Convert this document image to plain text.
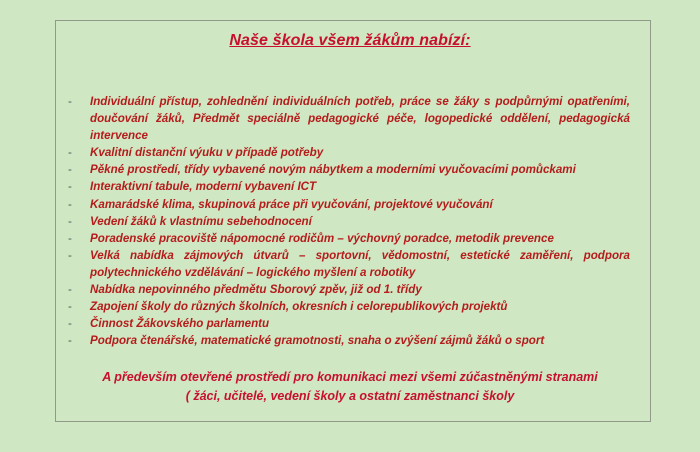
Naše škola všem žákům nabízí:
- Individuální přístup, zohlednění individuálních potřeb, práce se žáky s podpůrnými opatřeními, doučování žáků, Předmět speciálně pedagogické péče, logopedické oddělení, pedagogická intervence
- Kvalitní distanční výuku v případě potřeby
- Pěkné prostředí, třídy vybavené novým nábytkem a moderními vyučovacími pomůckami
- Interaktivní tabule, moderní vybavení ICT
- Kamarádské klima, skupinová práce při vyučování, projektové vyučování
- Vedení žáků k vlastnímu sebehodnocení
- Poradenské pracoviště nápomocné rodičům – výchovný poradce, metodik prevence
- Velká nabídka zájmových útvarů – sportovní, vědomostní, estetické zaměření, podpora polytechnického vzdělávání – logického myšlení a robotiky
- Nabídka nepovinného předmětu Sborový zpěv, již od 1. třídy
- Zapojení školy do různých školních, okresních i celorepublikových projektů
- Činnost Žákovského parlamentu
- Podpora čtenářské, matematické gramotnosti, snaha o zvýšení zájmů žáků o sport
A především otevřené prostředí pro komunikaci mezi všemi zúčastněnými stranami
( žáci, učitelé, vedení školy a ostatní zaměstnanci školy
